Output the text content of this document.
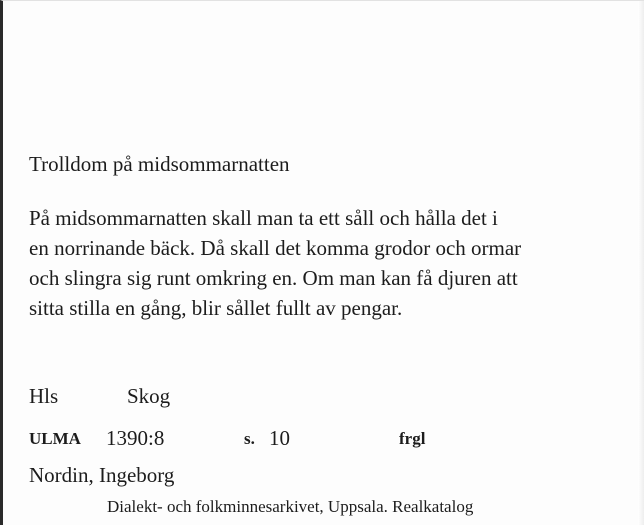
Trolldom på midsommarnatten
På midsommarnatten skall man ta ett såll och hålla det i
en norrinande bäck. Då skall det komma grodor och ormar
och slingra sig runt omkring en. Om man kan få djuren att
sitta stilla en gång, blir sållet fullt av pengar.
Hls	Skog
ULMA 1390:8	s. 10	frgl
Nordin, Ingeborg
Dialekt- och folkminnesarkivet, Uppsala. Realkatalog
